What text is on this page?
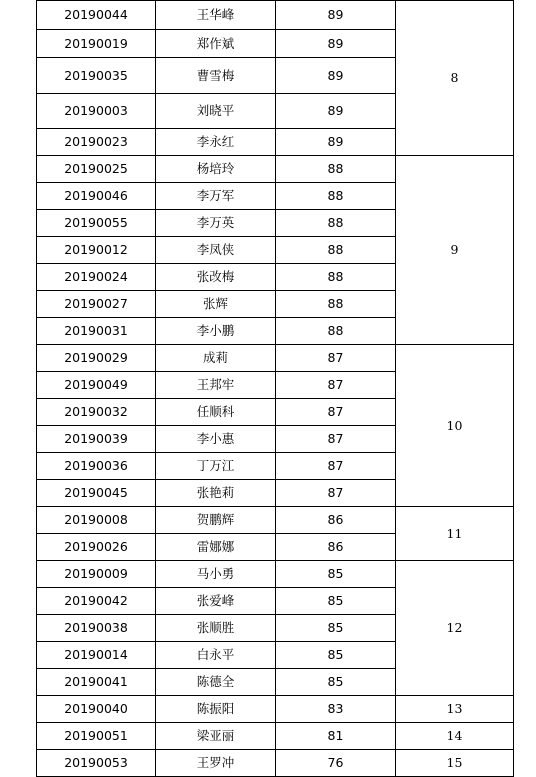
20190044	王华峰	89	8
20190019	郑作斌	89	
20190035	曹雪梅	89	
20190003	刘晓平	89	
20190023	李永红	89	
20190025	杨培玲	88	9
20190046	李万军	88	
20190055	李万英	88	
20190012	李凤侠	88	
20190024	张改梅	88	
20190027	张辉	88	
20190031	李小鹏	88	
20190029	成莉	87	10
20190049	王邦牢	87	
20190032	任顺科	87	
20190039	李小惠	87	
20190036	丁万江	87	
20190045	张艳莉	87	
20190008	贺鹏辉	86	11
20190026	雷娜娜	86	
20190009	马小勇	85	12
20190042	张爱峰	85	
20190038	张顺胜	85	
20190014	白永平	85	
20190041	陈德全	85	
20190040	陈振阳	83	13
20190051	梁亚丽	81	14
20190053	王罗冲	76	15
